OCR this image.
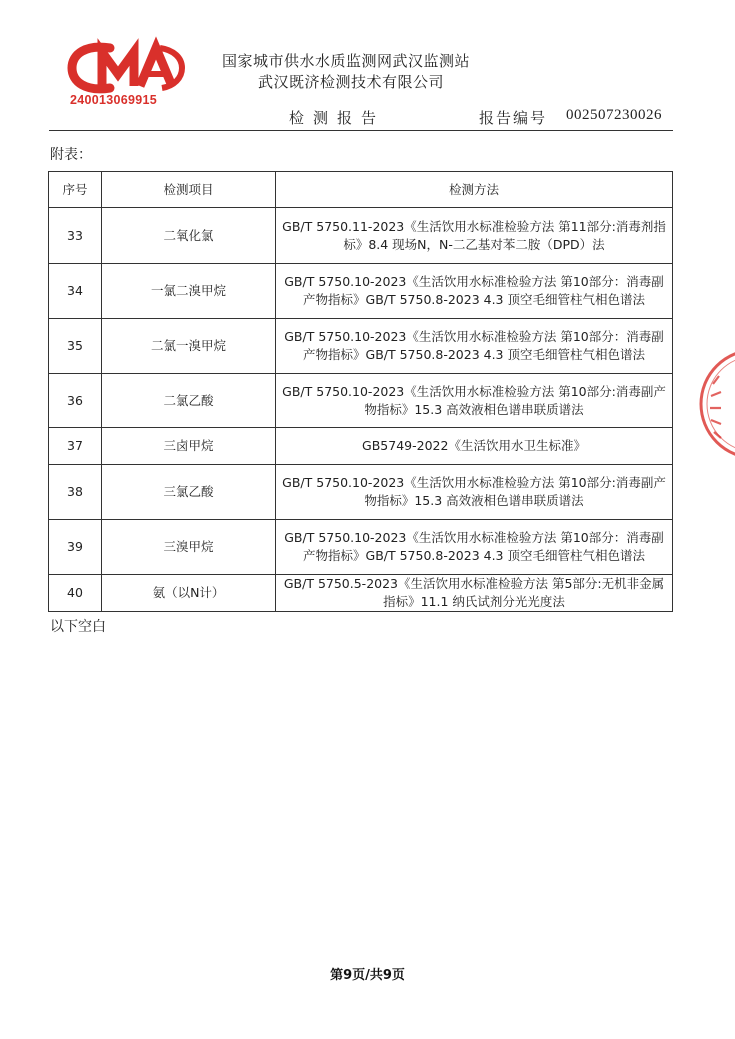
240013069915
国家城市供水水质监测网武汉监测站
武汉既济检测技术有限公司
检测报告	报告编号 002507230026
附表：
序号	检测项目	检测方法
33	二氧化氯	GB/T 5750.11-2023《生活饮用水标准检验方法 第11部分:消毒剂指标》8.4 现场N，N-二乙基对苯二胺（DPD）法
34	一氯二溴甲烷	GB/T 5750.10-2023《生活饮用水标准检验方法 第10部分：消毒副产物指标》GB/T 5750.8-2023 4.3 顶空毛细管柱气相色谱法
35	二氯一溴甲烷	GB/T 5750.10-2023《生活饮用水标准检验方法 第10部分：消毒副产物指标》GB/T 5750.8-2023 4.3 顶空毛细管柱气相色谱法
36	二氯乙酸	GB/T 5750.10-2023《生活饮用水标准检验方法 第10部分:消毒副产物指标》15.3 高效液相色谱串联质谱法
37	三卤甲烷	GB5749-2022《生活饮用水卫生标准》
38	三氯乙酸	GB/T 5750.10-2023《生活饮用水标准检验方法 第10部分:消毒副产物指标》15.3 高效液相色谱串联质谱法
39	三溴甲烷	GB/T 5750.10-2023《生活饮用水标准检验方法 第10部分：消毒副产物指标》GB/T 5750.8-2023 4.3 顶空毛细管柱气相色谱法
40	氨（以N计）	GB/T 5750.5-2023《生活饮用水标准检验方法 第5部分:无机非金属指标》11.1 纳氏试剂分光光度法
以下空白
第9页/共9页
